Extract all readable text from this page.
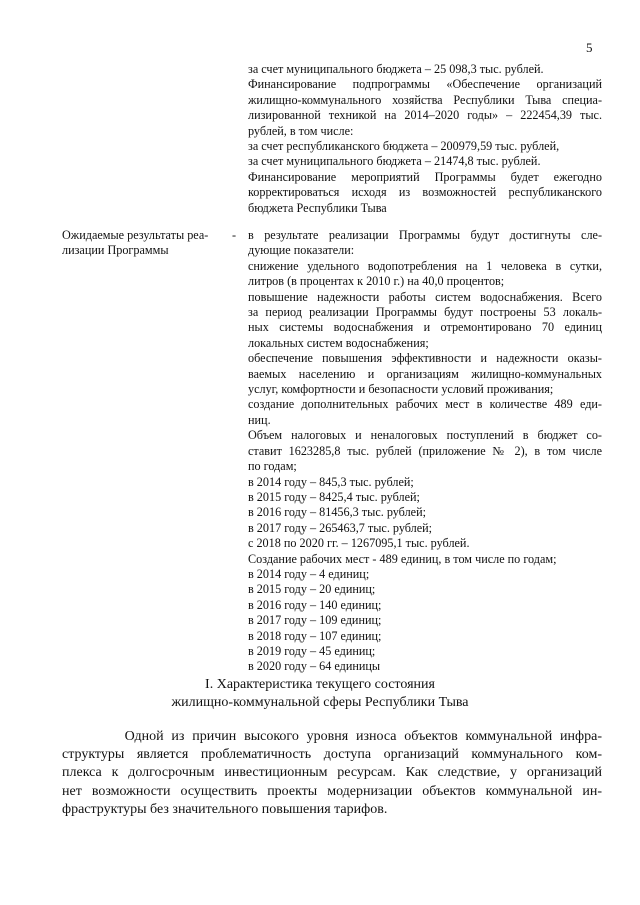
5

за счет муниципального бюджета – 25 098,3 тыс. рублей.

Финансирование подпрограммы «Обеспечение организаций

жилищно-коммунального хозяйства Республики Тыва специа-

лизированной техникой на 2014–2020 годы» – 222454,39 тыс.

рублей, в том числе:

за счет республиканского бюджета – 200979,59 тыс. рублей,

за счет муниципального бюджета – 21474,8 тыс. рублей.

Финансирование мероприятий Программы будет ежегодно

корректироваться исходя из возможностей республиканского

бюджета Республики Тыва

Ожидаемые результаты реа-

лизации Программы

- в результате реализации Программы будут достигнуты сле-

дующие показатели:

снижение удельного водопотребления на 1 человека в сутки,

литров (в процентах к 2010 г.) на 40,0 процентов;

повышение надежности работы систем водоснабжения. Всего

за период реализации Программы будут построены 53 локаль-

ных системы водоснабжения и отремонтировано 70 единиц

локальных систем водоснабжения;

обеспечение повышения эффективности и надежности оказы-

ваемых населению и организациям жилищно-коммунальных

услуг, комфортности и безопасности условий проживания;

создание дополнительных рабочих мест в количестве 489 еди-

ниц.

Объем налоговых и неналоговых поступлений в бюджет со-

ставит 1623285,8 тыс. рублей (приложение № 2), в том числе

по годам;

в 2014 году – 845,3 тыс. рублей;

в 2015 году – 8425,4 тыс. рублей;

в 2016 году – 81456,3 тыс. рублей;

в 2017 году – 265463,7 тыс. рублей;

с 2018 по 2020 гг. – 1267095,1 тыс. рублей.

Создание рабочих мест - 489 единиц, в том числе по годам;

в 2014 году – 4 единиц;

в 2015 году – 20 единиц;

в 2016 году – 140 единиц;

в 2017 году – 109 единиц;

в 2018 году – 107 единиц;

в 2019 году – 45 единиц;

в 2020 году – 64 единицы

I. Характеристика текущего состояния

жилищно-коммунальной сферы Республики Тыва

Одной из причин высокого уровня износа объектов коммунальной инфра-

структуры является проблематичность доступа организаций коммунального ком-

плекса к долгосрочным инвестиционным ресурсам. Как следствие, у организаций

нет возможности осуществить проекты модернизации объектов коммунальной ин-

фраструктуры без значительного повышения тарифов.
